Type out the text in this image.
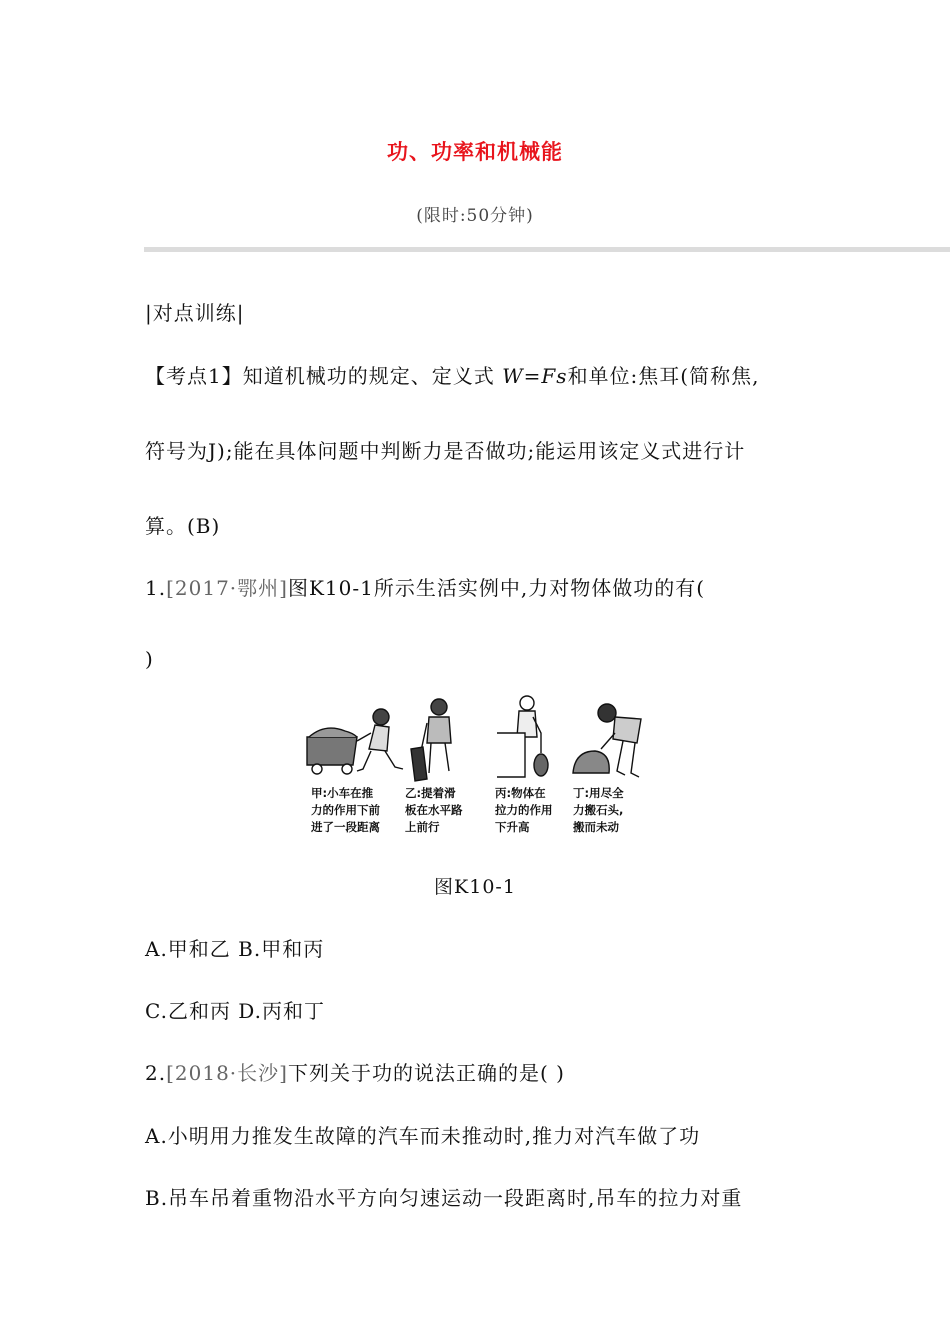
功、功率和机械能
(限时:50分钟)
|对点训练|
【考点1】知道机械功的规定、定义式 W=Fs和单位:焦耳(简称焦,
符号为J);能在具体问题中判断力是否做功;能运用该定义式进行计
算。(B)
1.[2017·鄂州]图K10-1所示生活实例中,力对物体做功的有(
)
甲:小车在推
力的作用下前
进了一段距离
乙:提着滑
板在水平路
上前行
丙:物体在
拉力的作用
下升高
丁:用尽全
力搬石头,
搬而未动
图K10-1
A.甲和乙 B.甲和丙
C.乙和丙 D.丙和丁
2.[2018·长沙]下列关于功的说法正确的是( )
A.小明用力推发生故障的汽车而未推动时,推力对汽车做了功
B.吊车吊着重物沿水平方向匀速运动一段距离时,吊车的拉力对重
